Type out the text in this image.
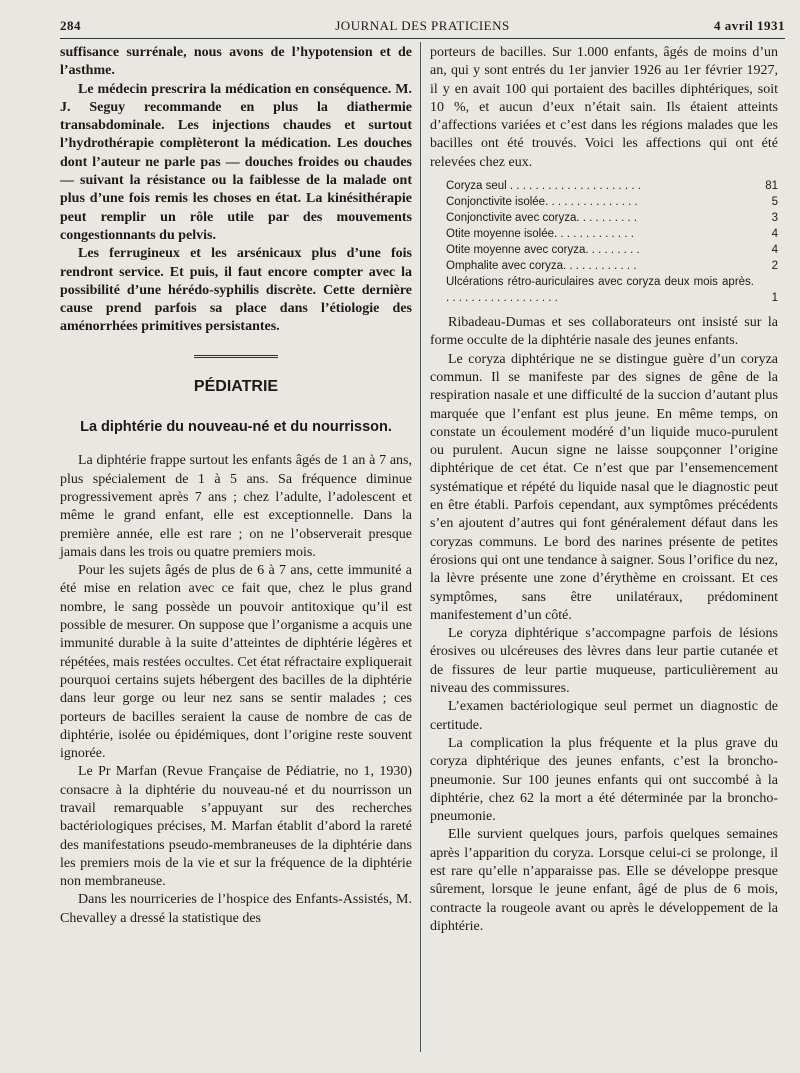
284	JOURNAL DES PRATICIENS	4 avril 1931

suffisance surrénale, nous avons de l’hypotension et de l’asthme.

Le médecin prescrira la médication en conséquence. M. J. Seguy recommande en plus la diathermie transabdominale. Les injections chaudes et surtout l’hydrothérapie complèteront la médication. Les douches dont l’auteur ne parle pas — douches froides ou chaudes — suivant la résistance ou la faiblesse de la malade ont plus d’une fois remis les choses en état. La kinésithérapie peut remplir un rôle utile par des mouvements congestionnants du pelvis.

Les ferrugineux et les arsénicaux plus d’une fois rendront service. Et puis, il faut encore compter avec la possibilité d’une hérédo-syphilis discrète. Cette dernière cause prend parfois sa place dans l’étiologie des aménorrhées primitives persistantes.

PÉDIATRIE
La diphtérie du nouveau-né et du nourrisson.

La diphtérie frappe surtout les enfants âgés de 1 an à 7 ans, plus spécialement de 1 à 5 ans. Sa fréquence diminue progressivement après 7 ans ; chez l’adulte, l’adolescent et même le grand enfant, elle est exceptionnelle. Dans la première année, elle est rare ; on ne l’observerait presque jamais dans les trois ou quatre premiers mois.

Pour les sujets âgés de plus de 6 à 7 ans, cette immunité a été mise en relation avec ce fait que, chez le plus grand nombre, le sang possède un pouvoir antitoxique qu’il est possible de mesurer. On suppose que l’organisme a acquis une immunité durable à la suite d’atteintes de diphtérie légères et répétées, mais restées occultes. Cet état réfractaire expliquerait pourquoi certains sujets hébergent des bacilles de la diphtérie dans leur gorge ou leur nez sans se sentir malades ; ces porteurs de bacilles seraient la cause de nombre de cas de diphtérie, isolée ou épidémiques, dont l’origine reste souvent ignorée.

Le Pr Marfan (Revue Française de Pédiatrie, no 1, 1930) consacre à la diphtérie du nouveau-né et du nourrisson un travail remarquable s’appuyant sur des recherches bactériologiques précises, M. Marfan établit d’abord la rareté des manifestations pseudo-membraneuses de la diphtérie dans les premiers mois de la vie et sur la fréquence de la diphtérie non membraneuse.

Dans les nourriceries de l’hospice des Enfants-Assistés, M. Chevalley a dressé la statistique des

porteurs de bacilles. Sur 1.000 enfants, âgés de moins d’un an, qui y sont entrés du 1er janvier 1926 au 1er février 1927, il y en avait 100 qui portaient des bacilles diphtériques, soit 10 %, et aucun d’eux n’était sain. Ils étaient atteints d’affections variées et c’est dans les régions malades que les bacilles ont été trouvés. Voici les affections qui ont été relevées chez eux.

Coryza seul . . . . . . . . . . . . . . . . . . . . .	81
Conjonctivite isolée. . . . . . . . . . . . . . .	5
Conjonctivite avec coryza. . . . . . . . . .	3
Otite moyenne isolée. . . . . . . . . . . . .	4
Otite moyenne avec coryza. . . . . . . . .	4
Omphalite avec coryza. . . . . . . . . . . .	2
Ulcérations rétro-auriculaires avec coryza deux mois après. . . . . . . . . . . . . . . . . . .	1

Ribadeau-Dumas et ses collaborateurs ont insisté sur la forme occulte de la diphtérie nasale des jeunes enfants.

Le coryza diphtérique ne se distingue guère d’un coryza commun. Il se manifeste par des signes de gêne de la respiration nasale et une difficulté de la succion d’autant plus marquée que l’enfant est plus jeune. En même temps, on constate un écoulement modéré d’un liquide muco-purulent ou purulent. Aucun signe ne laisse soupçonner l’origine diphtérique de cet état. Ce n’est que par l’ensemencement systématique et répété du liquide nasal que le diagnostic peut en être établi. Parfois cependant, aux symptômes précédents s’en ajoutent d’autres qui font généralement défaut dans les coryzas communs. Le bord des narines présente de petites érosions qui ont une tendance à saigner. Sous l’orifice du nez, la lèvre présente une zone d’érythème en croissant. Et ces symptômes, sans être unilatéraux, prédominent manifestement d’un côté.

Le coryza diphtérique s’accompagne parfois de lésions érosives ou ulcéreuses des lèvres dans leur partie cutanée et de fissures de leur partie muqueuse, particulièrement au niveau des commissures.

L’examen bactériologique seul permet un diagnostic de certitude.

La complication la plus fréquente et la plus grave du coryza diphtérique des jeunes enfants, c’est la broncho-pneumonie. Sur 100 jeunes enfants qui ont succombé à la diphtérie, chez 62 la mort a été déterminée par la broncho-pneumonie.

Elle survient quelques jours, parfois quelques semaines après l’apparition du coryza. Lorsque celui-ci se prolonge, il est rare qu’elle n’apparaisse pas. Elle se développe presque sûrement, lorsque le jeune enfant, âgé de plus de 6 mois, contracte la rougeole avant ou après le développement de la diphtérie.
